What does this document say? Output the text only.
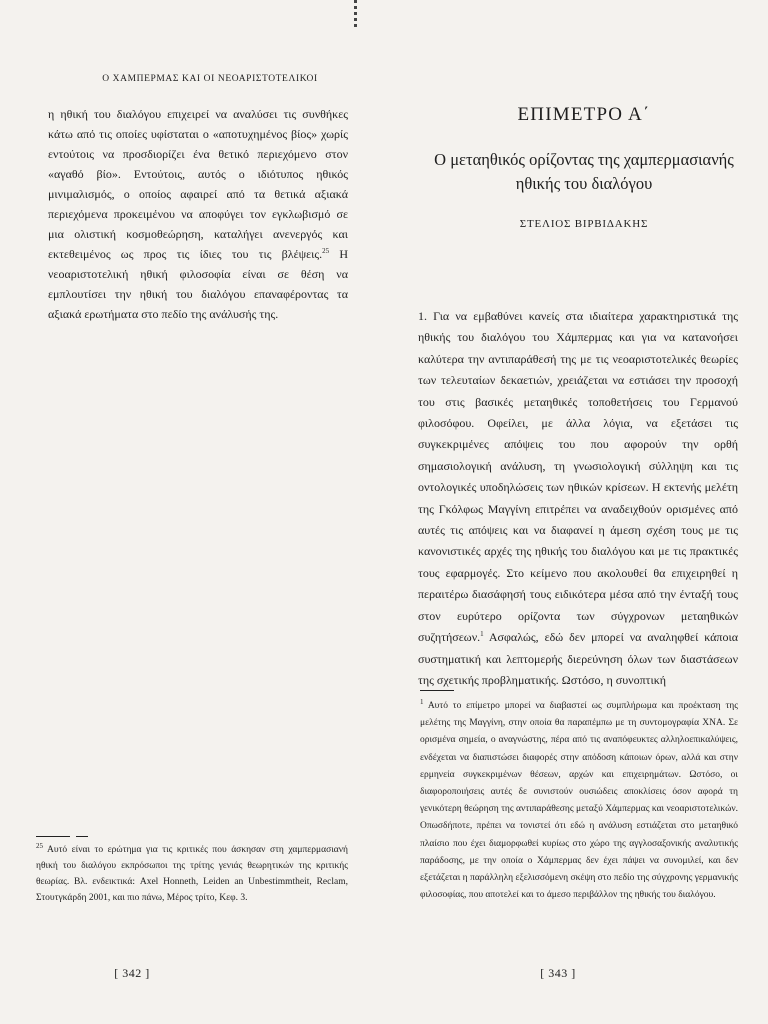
Ο ΧΑΜΠΕΡΜΑΣ ΚΑΙ ΟΙ ΝΕΟΑΡΙΣΤΟΤΕΛΙΚΟΙ
η ηθική του διαλόγου επιχειρεί να αναλύσει τις συνθήκες κάτω από τις οποίες υφίσταται ο «αποτυχημένος βίος» χωρίς εντούτοις να προσδιορίζει ένα θετικό περιεχόμενο στον «αγαθό βίο». Εντούτοις, αυτός ο ιδιότυπος ηθικός μινιμαλισμός, ο οποίος αφαιρεί από τα θετικά αξιακά περιεχόμενα προκειμένου να αποφύγει τον εγκλωβισμό σε μια ολιστική κοσμοθεώρηση, καταλήγει ανενεργός και εκτεθειμένος ως προς τις ίδιες του τις βλέψεις.$^{25}$ Η νεοαριστοτελική ηθική φιλοσοφία είναι σε θέση να εμπλουτίσει την ηθική του διαλόγου επαναφέροντας τα αξιακά ερωτήματα στο πεδίο της ανάλυσής της.
$^{25}$ Αυτό είναι το ερώτημα για τις κριτικές που άσκησαν στη χαμπερμασιανή ηθική του διαλόγου εκπρόσωποι της τρίτης γενιάς θεωρητικών της κριτικής θεωρίας. Βλ. ενδεικτικά: Axel Honneth, Leiden an Unbestimmtheit, Reclam, Στουτγκάρδη 2001, και πιο πάνω, Μέρος τρίτο, Κεφ. 3.
[ 342 ]
ΕΠΙΜΕΤΡΟ Α΄
Ο μεταηθικός ορίζοντας της χαμπερμασιανής ηθικής του διαλόγου
ΣΤΕΛΙΟΣ ΒΙΡΒΙΔΑΚΗΣ
1. Για να εμβαθύνει κανείς στα ιδιαίτερα χαρακτηριστικά της ηθικής του διαλόγου του Χάμπερμας και για να κατανοήσει καλύτερα την αντιπαράθεσή της με τις νεοαριστοτελικές θεωρίες των τελευταίων δεκαετιών, χρειάζεται να εστιάσει την προσοχή του στις βασικές μεταηθικές τοποθετήσεις του Γερμανού φιλοσόφου. Οφείλει, με άλλα λόγια, να εξετάσει τις συγκεκριμένες απόψεις του που αφορούν την ορθή σημασιολογική ανάλυση, τη γνωσιολογική σύλληψη και τις οντολογικές υποδηλώσεις των ηθικών κρίσεων. Η εκτενής μελέτη της Γκόλφως Μαγγίνη επιτρέπει να αναδειχθούν ορισμένες από αυτές τις απόψεις και να διαφανεί η άμεση σχέση τους με τις κανονιστικές αρχές της ηθικής του διαλόγου και με τις πρακτικές τους εφαρμογές. Στο κείμενο που ακολουθεί θα επιχειρηθεί η περαιτέρω διασάφησή τους ειδικότερα μέσα από την ένταξή τους στον ευρύτερο ορίζοντα των σύγχρονων μεταηθικών συζητήσεων.$^1$ Ασφαλώς, εδώ δεν μπορεί να αναληφθεί κάποια συστηματική και λεπτομερής διερεύνηση όλων των διαστάσεων της σχετικής προβληματικής. Ωστόσο, η συνοπτική
$^1$ Αυτό το επίμετρο μπορεί να διαβαστεί ως συμπλήρωμα και προέκταση της μελέτης της Μαγγίνη, στην οποία θα παραπέμπω με τη συντομογραφία ΧΝΑ. Σε ορισμένα σημεία, ο αναγνώστης, πέρα από τις αναπόφευκτες αλληλοεπικαλύψεις, ενδέχεται να διαπιστώσει διαφορές στην απόδοση κάποιων όρων, αλλά και στην ερμηνεία συγκεκριμένων θέσεων, αρχών και επιχειρημάτων. Ωστόσο, οι διαφοροποιήσεις αυτές δε συνιστούν ουσιώδεις αποκλίσεις όσον αφορά τη γενικότερη θεώρηση της αντιπαράθεσης μεταξύ Χάμπερμας και νεοαριστοτελικών. Οπωσδήποτε, πρέπει να τονιστεί ότι εδώ η ανάλυση εστιάζεται στο μεταηθικό πλαίσιο που έχει διαμορφωθεί κυρίως στο χώρο της αγγλοσαξονικής αναλυτικής παράδοσης, με την οποία ο Χάμπερμας δεν έχει πάψει να συνομιλεί, και δεν εξετάζεται η παράλληλη εξελισσόμενη σκέψη στο πεδίο της σύγχρονης γερμανικής φιλοσοφίας, που αποτελεί και το άμεσο περιβάλλον της ηθικής του διαλόγου.
[ 343 ]
